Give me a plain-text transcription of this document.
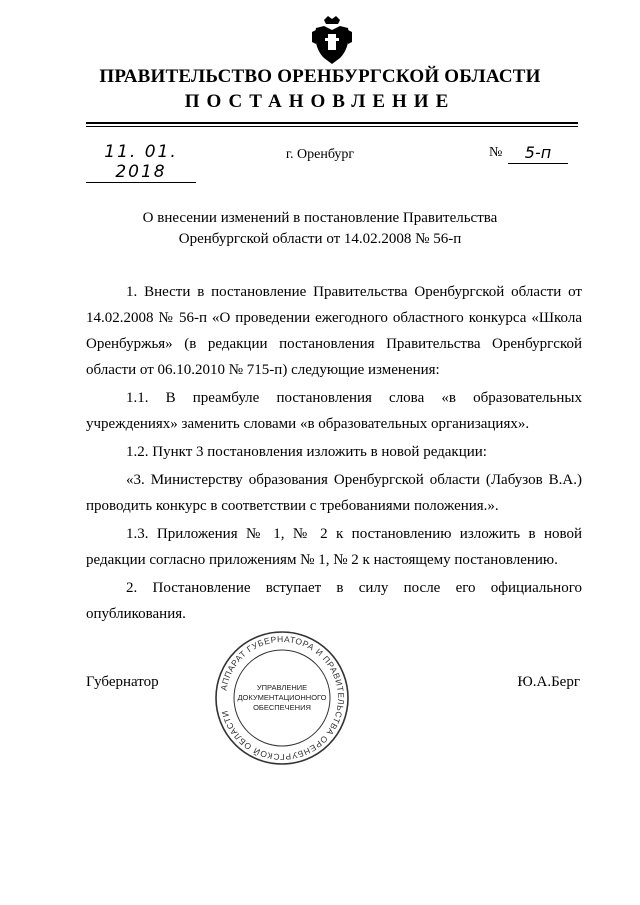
ПРАВИТЕЛЬСТВО ОРЕНБУРГСКОЙ ОБЛАСТИ
ПОСТАНОВЛЕНИЕ
11. 01. 2018
г. Оренбург	№	5-п
О внесении изменений в постановление Правительства
Оренбургской области от 14.02.2008 № 56-п

1. Внести в постановление Правительства Оренбургской области от 14.02.2008 № 56-п «О проведении ежегодного областного конкурса «Школа Оренбуржья» (в редакции постановления Правительства Оренбургской области от 06.10.2010 № 715-п) следующие изменения:

1.1. В преамбуле постановления слова «в образовательных учреждениях» заменить словами «в образовательных организациях».

1.2. Пункт 3 постановления изложить в новой редакции:

«3. Министерству образования Оренбургской области (Лабузов В.А.) проводить конкурс в соответствии с требованиями положения.».

1.3. Приложения № 1, № 2 к постановлению изложить в новой редакции согласно приложениям № 1, № 2 к настоящему постановлению.

2. Постановление вступает в силу после его официального опубликования.

Губернатор	Ю.А.Берг
АППАРАТ ГУБЕРНАТОРА И ПРАВИТЕЛЬСТВА ОРЕНБУРГСКОЙ ОБЛАСТИ
УПРАВЛЕНИЕ
ДОКУМЕНТАЦИОННОГО
ОБЕСПЕЧЕНИЯ
